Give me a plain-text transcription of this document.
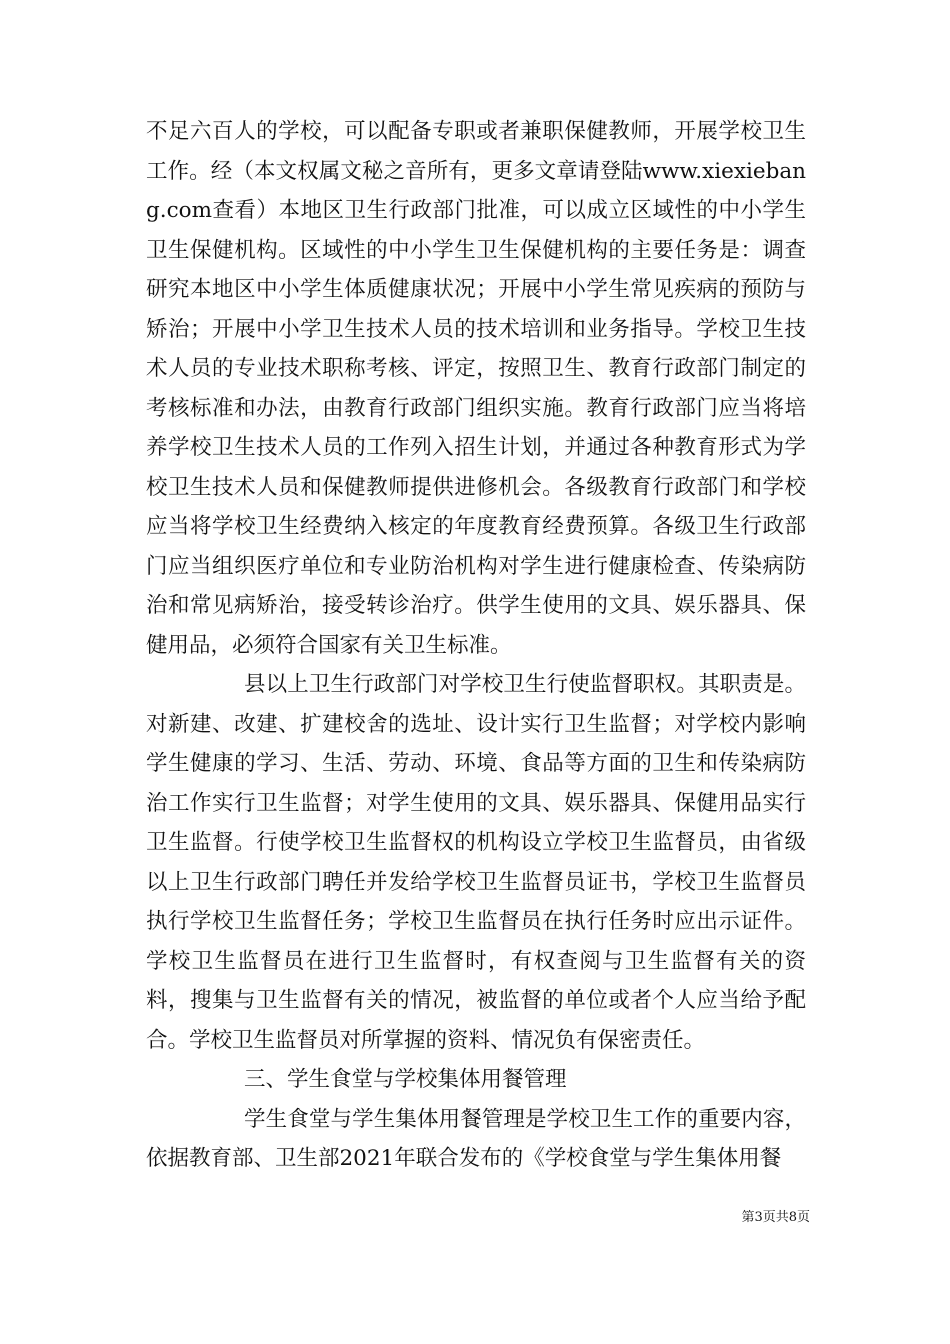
不足六百人的学校，可以配备专职或者兼职保健教师，开展学校卫生工作。经（本文权属文秘之音所有，更多文章请登陆www.xiexiebang.com查看）本地区卫生行政部门批准，可以成立区域性的中小学生卫生保健机构。区域性的中小学生卫生保健机构的主要任务是：调查研究本地区中小学生体质健康状况；开展中小学生常见疾病的预防与矫治；开展中小学卫生技术人员的技术培训和业务指导。学校卫生技术人员的专业技术职称考核、评定，按照卫生、教育行政部门制定的考核标准和办法，由教育行政部门组织实施。教育行政部门应当将培养学校卫生技术人员的工作列入招生计划，并通过各种教育形式为学校卫生技术人员和保健教师提供进修机会。各级教育行政部门和学校应当将学校卫生经费纳入核定的年度教育经费预算。各级卫生行政部门应当组织医疗单位和专业防治机构对学生进行健康检查、传染病防治和常见病矫治，接受转诊治疗。供学生使用的文具、娱乐器具、保健用品，必须符合国家有关卫生标准。

县以上卫生行政部门对学校卫生行使监督职权。其职责是。对新建、改建、扩建校舍的选址、设计实行卫生监督；对学校内影响学生健康的学习、生活、劳动、环境、食品等方面的卫生和传染病防治工作实行卫生监督；对学生使用的文具、娱乐器具、保健用品实行卫生监督。行使学校卫生监督权的机构设立学校卫生监督员，由省级以上卫生行政部门聘任并发给学校卫生监督员证书，学校卫生监督员执行学校卫生监督任务；学校卫生监督员在执行任务时应出示证件。学校卫生监督员在进行卫生监督时，有权查阅与卫生监督有关的资料，搜集与卫生监督有关的情况，被监督的单位或者个人应当给予配合。学校卫生监督员对所掌握的资料、情况负有保密责任。

三、学生食堂与学校集体用餐管理

学生食堂与学生集体用餐管理是学校卫生工作的重要内容，依据教育部、卫生部2021年联合发布的《学校食堂与学生集体用餐

第3页共8页
